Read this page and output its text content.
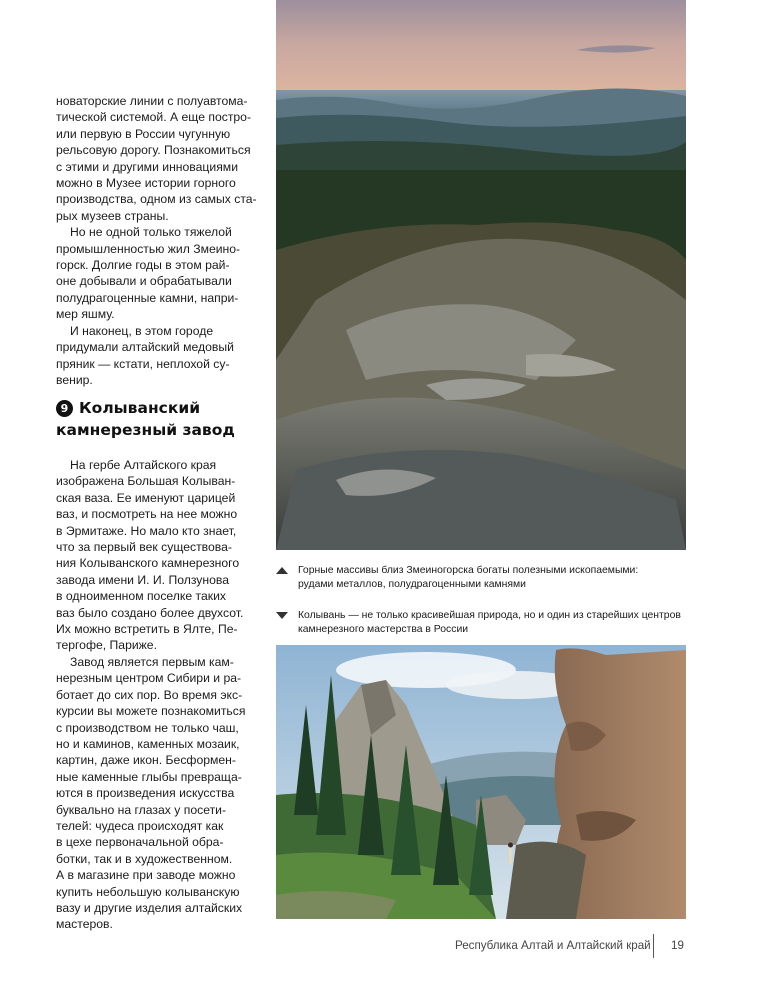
новаторские линии с полуавтома-
тической системой. А еще постро-
или первую в России чугунную
рельсовую дорогу. Познакомиться
с этими и другими инновациями
можно в Музее истории горного
производства, одном из самых ста-
рых музеев страны.
Но не одной только тяжелой
промышленностью жил Змеино-
горск. Долгие годы в этом рай-
оне добывали и обрабатывали
полудрагоценные камни, напри-
мер яшму.
И наконец, в этом городе
придумали алтайский медовый
пряник — кстати, неплохой су-
венир.
9 Колыванский
камнерезный завод
На гербе Алтайского края
изображена Большая Колыван-
ская ваза. Ее именуют царицей
ваз, и посмотреть на нее можно
в Эрмитаже. Но мало кто знает,
что за первый век существова-
ния Колыванского камнерезного
завода имени И. И. Ползунова
в одноименном поселке таких
ваз было создано более двухсот.
Их можно встретить в Ялте, Пе-
тергофе, Париже.
Завод является первым кам-
нерезным центром Сибири и ра-
ботает до сих пор. Во время экс-
курсии вы можете познакомиться
с производством не только чаш,
но и каминов, каменных мозаик,
картин, даже икон. Бесформен-
ные каменные глыбы превраща-
ются в произведения искусства
буквально на глазах у посети-
телей: чудеса происходят как
в цехе первоначальной обра-
ботки, так и в художественном.
А в магазине при заводе можно
купить небольшую колыванскую
вазу и другие изделия алтайских
мастеров.

Горные массивы близ Змеиногорска богаты полезными ископаемыми:
рудами металлов, полудрагоценными камнями
Колывань — не только красивейшая природа, но и один из старейших центров
камнерезного мастерства в России
Республика Алтай и Алтайский край 19
